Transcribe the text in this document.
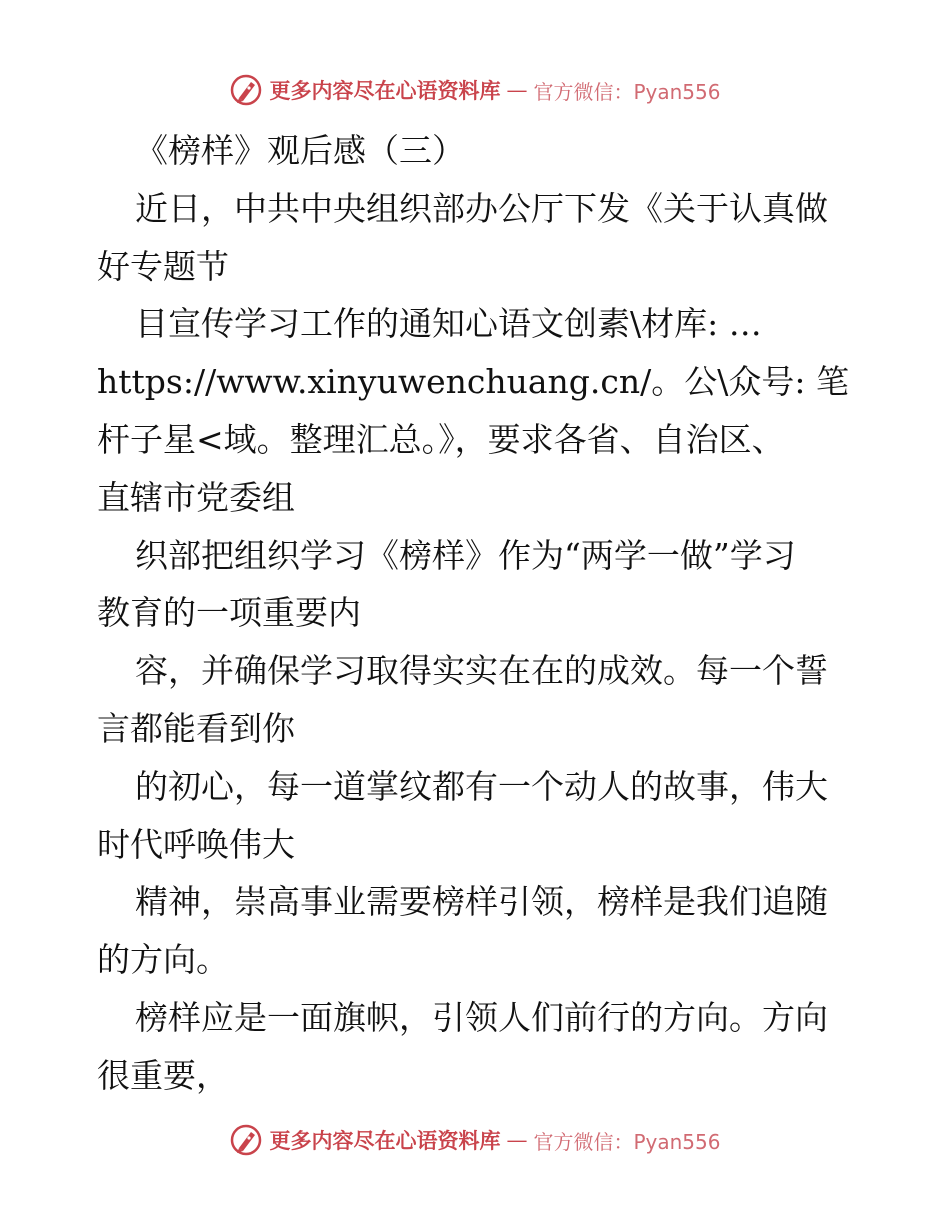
更多内容尽在心语资料库 — 官方微信：Pyan556
《榜样》观后感（三）
近日，中共中央组织部办公厅下发《关于认真做
好专题节
目宣传学习工作的通知心语文创素\材库: …
https://www.xinyuwenchuang.cn/。公\众号: 笔
杆子星<域。整理汇总。》，要求各省、自治区、
直辖市党委组
织部把组织学习《榜样》作为“两学一做”学习
教育的一项重要内
容，并确保学习取得实实在在的成效。每一个誓
言都能看到你
的初心，每一道掌纹都有一个动人的故事，伟大
时代呼唤伟大
精神，崇高事业需要榜样引领，榜样是我们追随
的方向。
榜样应是一面旗帜，引领人们前行的方向。方向
很重要，
更多内容尽在心语资料库 — 官方微信：Pyan556
